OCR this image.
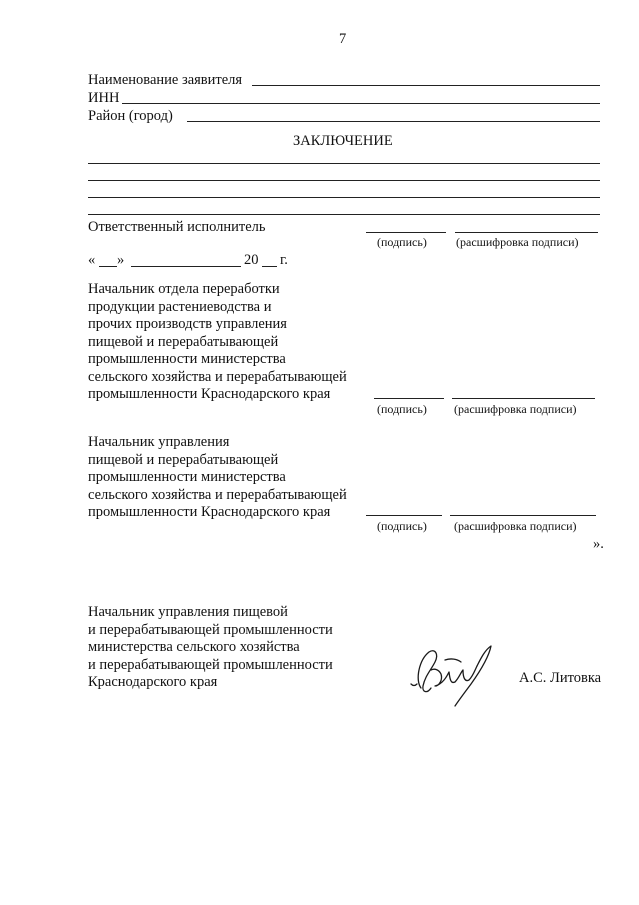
7
Наименование заявителя
ИНН
Район (город)
ЗАКЛЮЧЕНИЕ
Ответственный исполнитель
(подпись) (расшифровка подписи)
« »	20 г.
Начальник отдела переработки
продукции растениеводства и
прочих производств управления
пищевой и перерабатывающей
промышленности министерства
сельского хозяйства и перерабатывающей
промышленности Краснодарского края
(подпись) (расшифровка подписи)
Начальник управления
пищевой и перерабатывающей
промышленности министерства
сельского хозяйства и перерабатывающей
промышленности Краснодарского края
(подпись) (расшифровка подписи)
».
Начальник управления пищевой
и перерабатывающей промышленности
министерства сельского хозяйства
и перерабатывающей промышленности
Краснодарского края	А.С. Литовка
